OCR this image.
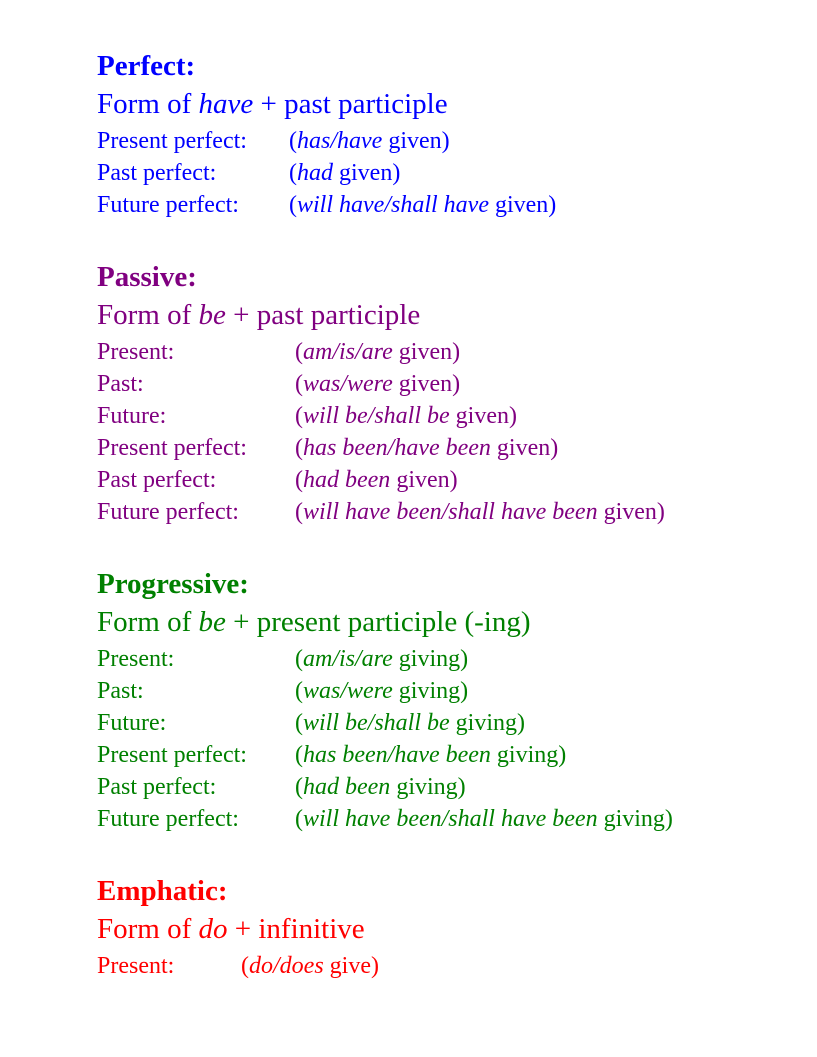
Perfect:
Form of have + past participle
Present perfect: (has/have given)
Past perfect:	(had given)
Future perfect: (will have/shall have given)
Passive:
Form of be + past participle
Present:	(am/is/are given)
Past:	(was/were given)
Future:	(will be/shall be given)
Present perfect: (has been/have been given)
Past perfect:	(had been given)
Future perfect: (will have been/shall have been given)
Progressive:
Form of be + present participle (-ing)
Present:	(am/is/are giving)
Past:	(was/were giving)
Future:	(will be/shall be giving)
Present perfect: (has been/have been giving)
Past perfect:	(had been giving)
Future perfect: (will have been/shall have been giving)
Emphatic:
Form of do + infinitive
Present:	(do/does give)
